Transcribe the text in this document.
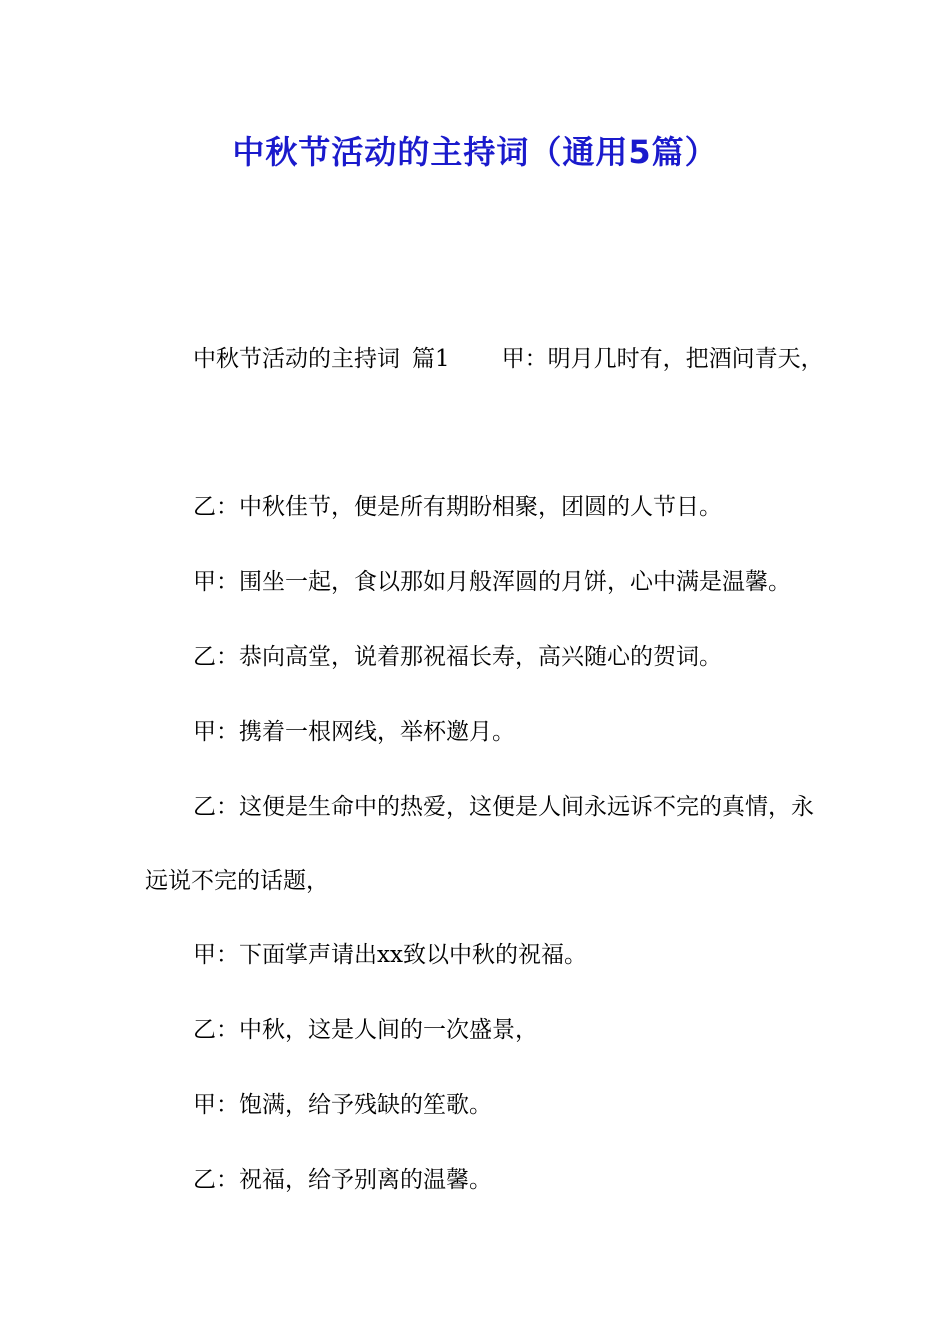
中秋节活动的主持词（通用5篇）

中秋节活动的主持词 篇1 甲：明月几时有，把酒问青天，

乙：中秋佳节，便是所有期盼相聚，团圆的人节日。

甲：围坐一起，食以那如月般浑圆的月饼，心中满是温馨。

乙：恭向高堂，说着那祝福长寿，高兴随心的贺词。

甲：携着一根网线，举杯邀月。

乙：这便是生命中的热爱，这便是人间永远诉不完的真情，永远说不完的话题，

甲：下面掌声请出xx致以中秋的祝福。

乙：中秋，这是人间的一次盛景，

甲：饱满，给予残缺的笙歌。

乙：祝福，给予别离的温馨。
